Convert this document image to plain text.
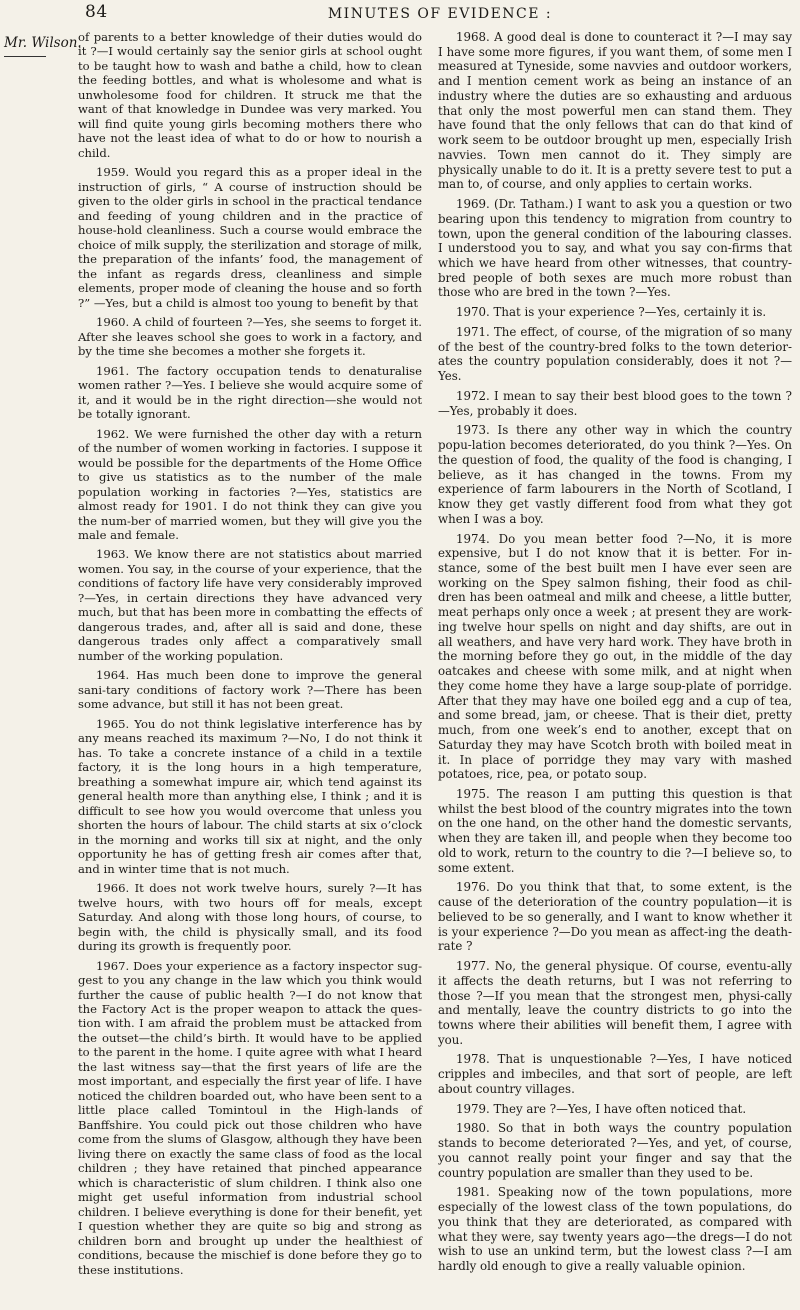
84	MINUTES OF EVIDENCE :
Mr. Wilson.

of parents to a better knowledge of their duties would do it ?—I would certainly say the senior girls at school ought to be taught how to wash and bathe a child, how to clean the feeding bottles, and what is wholesome and what is unwholesome food for children. It struck me that the want of that knowledge in Dundee was very marked. You will find quite young girls becoming mothers there who have not the least idea of what to do or how to nourish a child.

1959. Would you regard this as a proper ideal in the instruction of girls, “ A course of instruction should be given to the older girls in school in the practical tendance and feeding of young children and in the practice of house-hold cleanliness. Such a course would embrace the choice of milk supply, the sterilization and storage of milk, the preparation of the infants’ food, the management of the infant as regards dress, cleanliness and simple elements, proper mode of cleaning the house and so forth ?” —Yes, but a child is almost too young to benefit by that

1960. A child of fourteen ?—Yes, she seems to forget it. After she leaves school she goes to work in a factory, and by the time she becomes a mother she forgets it.

1961. The factory occupation tends to denaturalise women rather ?—Yes. I believe she would acquire some of it, and it would be in the right direction—she would not be totally ignorant.

1962. We were furnished the other day with a return of the number of women working in factories. I suppose it would be possible for the departments of the Home Office to give us statistics as to the number of the male population working in factories ?—Yes, statistics are almost ready for 1901. I do not think they can give you the num-ber of married women, but they will give you the male and female.

1963. We know there are not statistics about married women. You say, in the course of your experience, that the conditions of factory life have very considerably improved ?—Yes, in certain directions they have advanced very much, but that has been more in combatting the effects of dangerous trades, and, after all is said and done, these dangerous trades only affect a comparatively small number of the working population.

1964. Has much been done to improve the general sani-tary conditions of factory work ?—There has been some advance, but still it has not been great.

1965. You do not think legislative interference has by any means reached its maximum ?—No, I do not think it has. To take a concrete instance of a child in a textile factory, it is the long hours in a high temperature, breathing a somewhat impure air, which tend against its general health more than anything else, I think ; and it is difficult to see how you would overcome that unless you shorten the hours of labour. The child starts at six o’clock in the morning and works till six at night, and the only opportunity he has of getting fresh air comes after that, and in winter time that is not much.

1966. It does not work twelve hours, surely ?—It has twelve hours, with two hours off for meals, except Saturday. And along with those long hours, of course, to begin with, the child is physically small, and its food during its growth is frequently poor.

1967. Does your experience as a factory inspector sug-gest to you any change in the law which you think would further the cause of public health ?—I do not know that the Factory Act is the proper weapon to attack the ques-tion with. I am afraid the problem must be attacked from the outset—the child’s birth. It would have to be applied to the parent in the home. I quite agree with what I heard the last witness say—that the first years of life are the most important, and especially the first year of life. I have noticed the children boarded out, who have been sent to a little place called Tomintoul in the High-lands of Banffshire. You could pick out those children who have come from the slums of Glasgow, although they have been living there on exactly the same class of food as the local children ; they have retained that pinched appearance which is characteristic of slum children. I think also one might get useful information from industrial school children. I believe everything is done for their benefit, yet I question whether they are quite so big and strong as children born and brought up under the healthiest of conditions, because the mischief is done before they go to these institutions.

1968. A good deal is done to counteract it ?—I may say I have some more figures, if you want them, of some men I measured at Tyneside, some navvies and outdoor workers, and I mention cement work as being an instance of an industry where the duties are so exhausting and arduous that only the most powerful men can stand them. They have found that the only fellows that can do that kind of work seem to be outdoor brought up men, especially Irish navvies. Town men cannot do it. They simply are physically unable to do it. It is a pretty severe test to put a man to, of course, and only applies to certain works.

1969. (Dr. Tatham.) I want to ask you a question or two bearing upon this tendency to migration from country to town, upon the general condition of the labouring classes. I understood you to say, and what you say con-firms that which we have heard from other witnesses, that country-bred people of both sexes are much more robust than those who are bred in the town ?—Yes.

1970. That is your experience ?—Yes, certainly it is.

1971. The effect, of course, of the migration of so many of the best of the country-bred folks to the town deterior-ates the country population considerably, does it not ?—Yes.

1972. I mean to say their best blood goes to the town ?—Yes, probably it does.

1973. Is there any other way in which the country popu-lation becomes deteriorated, do you think ?—Yes. On the question of food, the quality of the food is changing, I believe, as it has changed in the towns. From my experience of farm labourers in the North of Scotland, I know they get vastly different food from what they got when I was a boy.

1974. Do you mean better food ?—No, it is more expensive, but I do not know that it is better. For in-stance, some of the best built men I have ever seen are working on the Spey salmon fishing, their food as chil-dren has been oatmeal and milk and cheese, a little butter, meat perhaps only once a week ; at present they are work-ing twelve hour spells on night and day shifts, are out in all weathers, and have very hard work. They have broth in the morning before they go out, in the middle of the day oatcakes and cheese with some milk, and at night when they come home they have a large soup-plate of porridge. After that they may have one boiled egg and a cup of tea, and some bread, jam, or cheese. That is their diet, pretty much, from one week’s end to another, except that on Saturday they may have Scotch broth with boiled meat in it. In place of porridge they may vary with mashed potatoes, rice, pea, or potato soup.

1975. The reason I am putting this question is that whilst the best blood of the country migrates into the town on the one hand, on the other hand the domestic servants, when they are taken ill, and people when they become too old to work, return to the country to die ?—I believe so, to some extent.

1976. Do you think that that, to some extent, is the cause of the deterioration of the country population—it is believed to be so generally, and I want to know whether it is your experience ?—Do you mean as affect-ing the death-rate ?

1977. No, the general physique. Of course, eventu-ally it affects the death returns, but I was not referring to those ?—If you mean that the strongest men, physi-cally and mentally, leave the country districts to go into the towns where their abilities will benefit them, I agree with you.

1978. That is unquestionable ?—Yes, I have noticed cripples and imbeciles, and that sort of people, are left about country villages.

1979. They are ?—Yes, I have often noticed that.

1980. So that in both ways the country population stands to become deteriorated ?—Yes, and yet, of course, you cannot really point your finger and say that the country population are smaller than they used to be.

1981. Speaking now of the town populations, more especially of the lowest class of the town populations, do you think that they are deteriorated, as compared with what they were, say twenty years ago—the dregs—I do not wish to use an unkind term, but the lowest class ?—I am hardly old enough to give a really valuable opinion.
